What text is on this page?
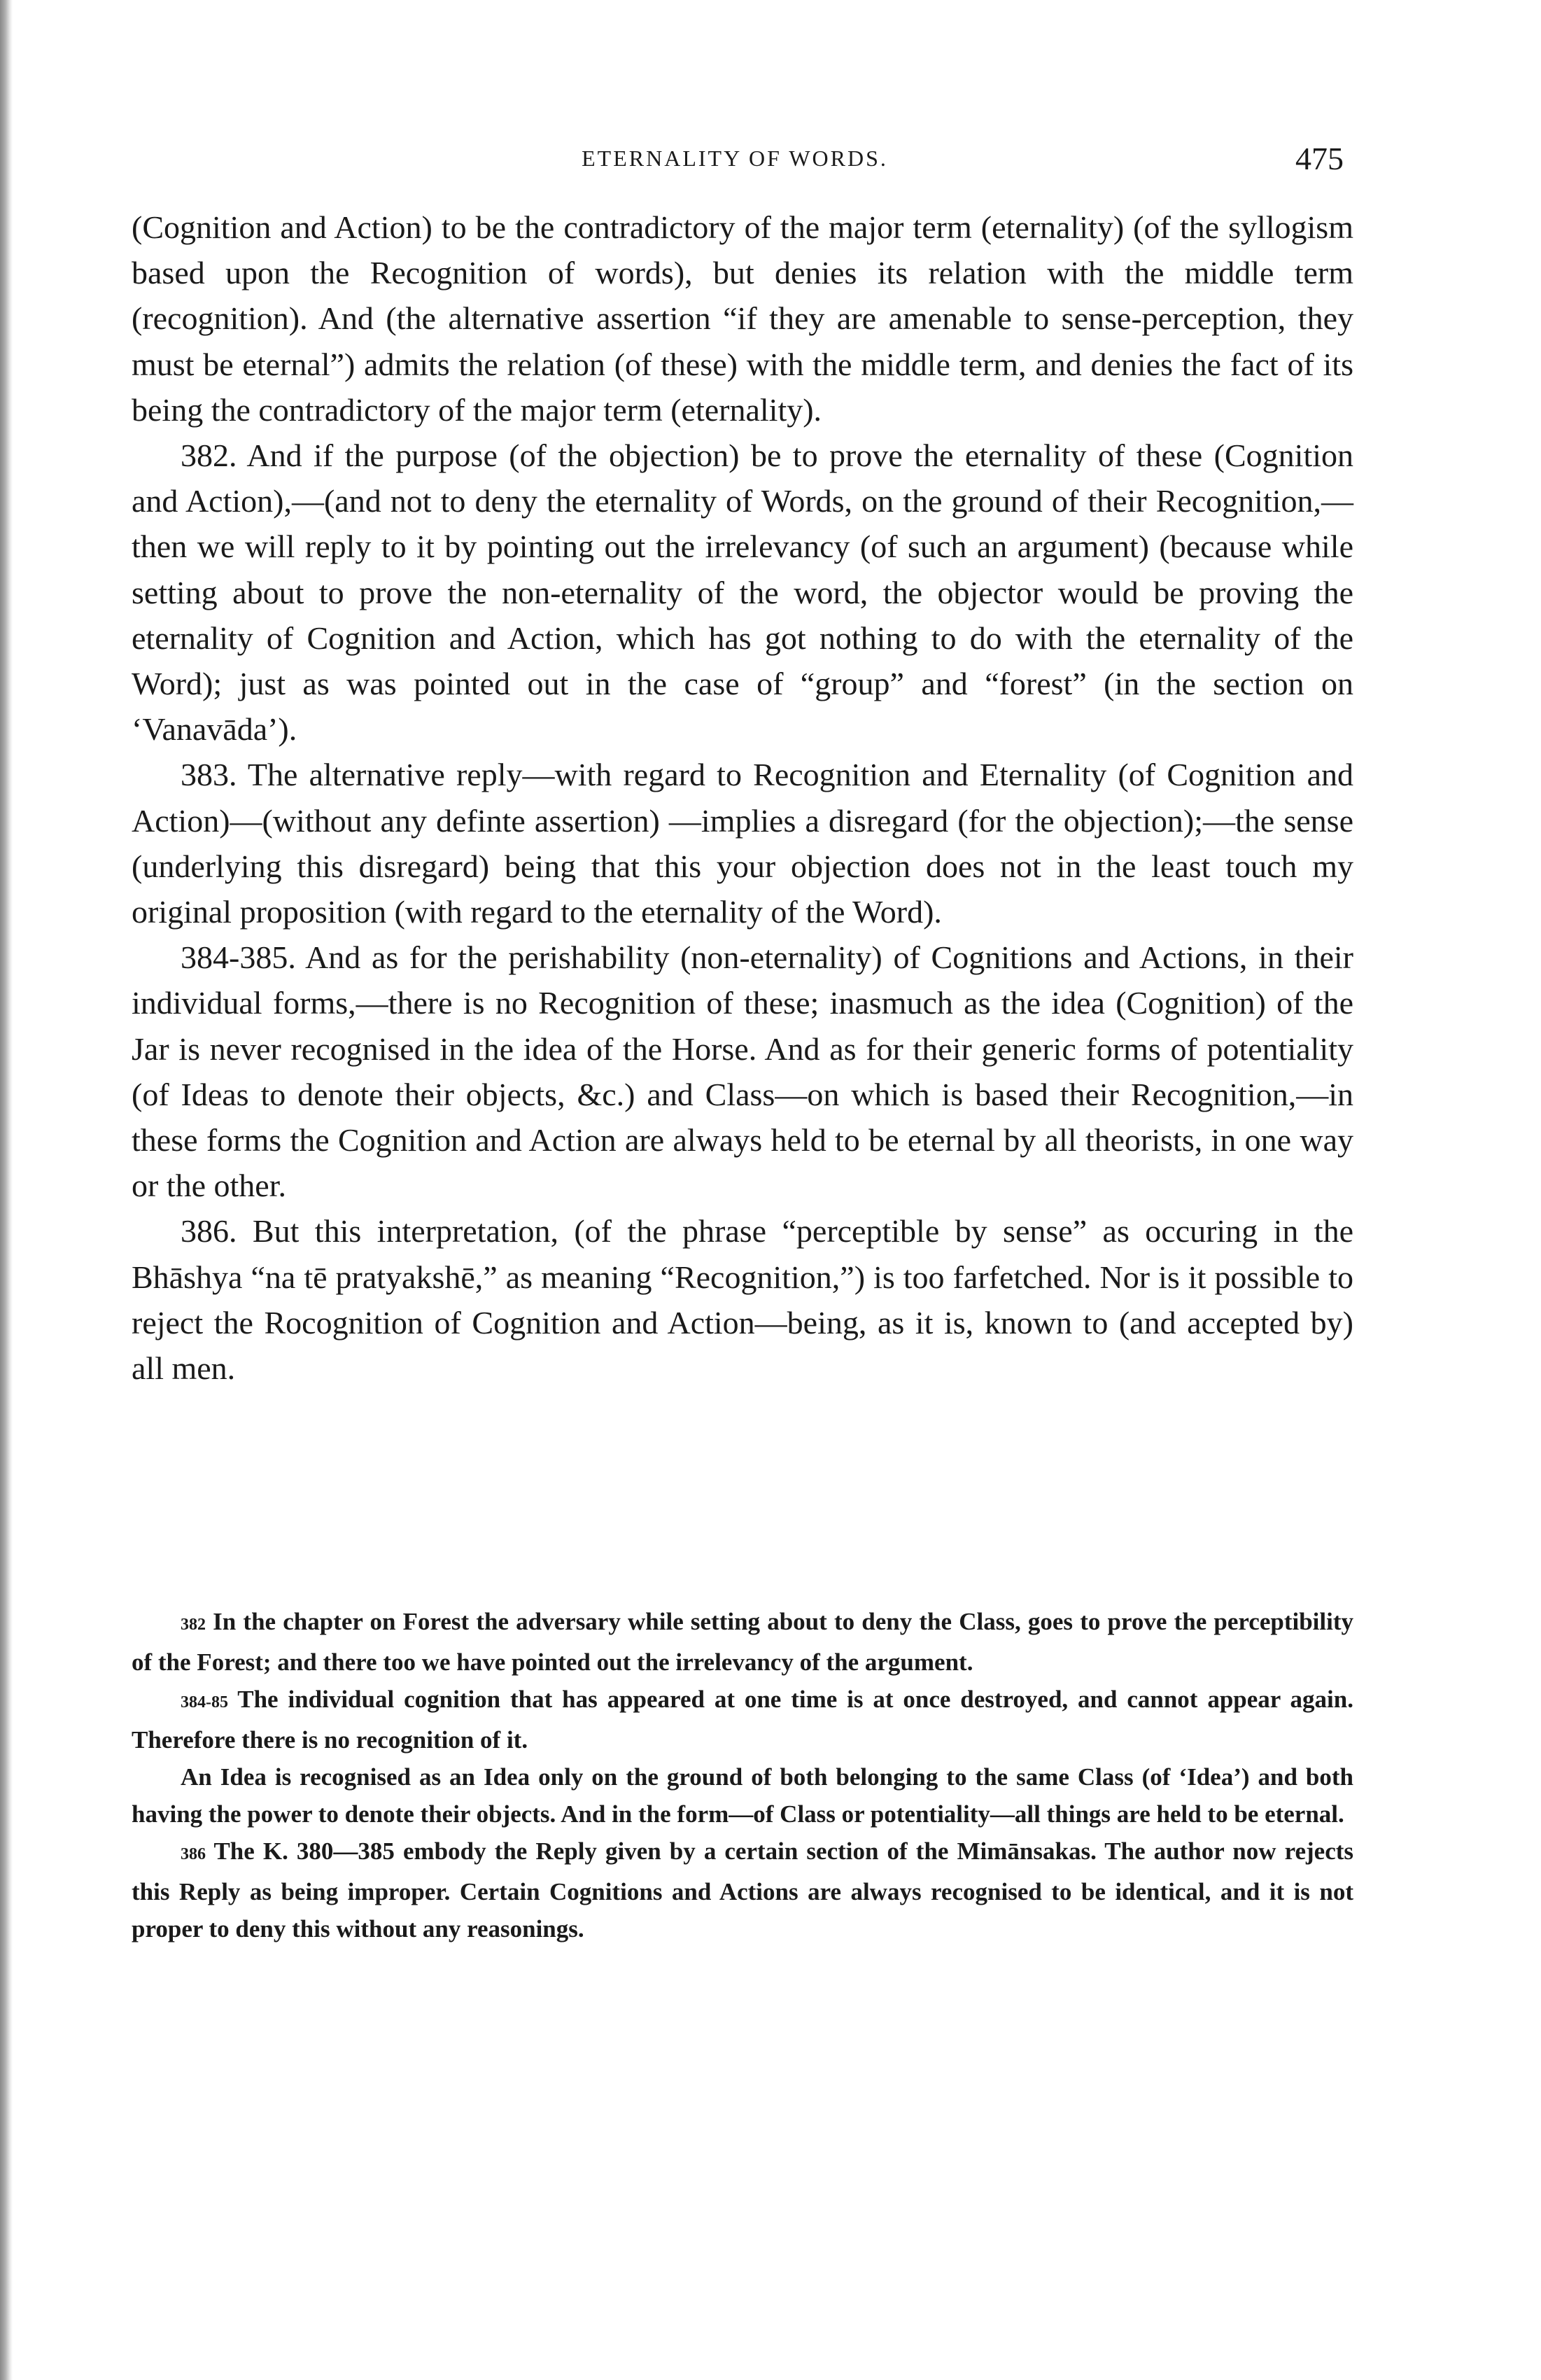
ETERNALITY OF WORDS.	475

(Cognition and Action) to be the contradictory of the major term (eternality) (of the syllogism based upon the Recognition of words), but denies its relation with the middle term (recognition). And (the alternative assertion “if they are amenable to sense-perception, they must be eternal”) admits the relation (of these) with the middle term, and denies the fact of its being the contradictory of the major term (eternality).

382. And if the purpose (of the objection) be to prove the eternality of these (Cognition and Action),—(and not to deny the eternality of Words, on the ground of their Recognition,—then we will reply to it by pointing out the irrelevancy (of such an argument) (because while setting about to prove the non-eternality of the word, the objector would be proving the eternality of Cognition and Action, which has got nothing to do with the eternality of the Word); just as was pointed out in the case of “group” and “forest” (in the section on ‘Vanavāda’).

383. The alternative reply—with regard to Recognition and Eternality (of Cognition and Action)—(without any definte assertion) —implies a disregard (for the objection);—the sense (underlying this disregard) being that this your objection does not in the least touch my original proposition (with regard to the eternality of the Word).

384-385. And as for the perishability (non-eternality) of Cognitions and Actions, in their individual forms,—there is no Recognition of these; inasmuch as the idea (Cognition) of the Jar is never recognised in the idea of the Horse. And as for their generic forms of potentiality (of Ideas to denote their objects, &c.) and Class—on which is based their Recognition,—in these forms the Cognition and Action are always held to be eternal by all theorists, in one way or the other.

386. But this interpretation, (of the phrase “perceptible by sense” as occuring in the Bhāshya “na tē pratyakshē,” as meaning “Recognition,”) is too farfetched. Nor is it possible to reject the Rocognition of Cognition and Action—being, as it is, known to (and accepted by) all men.

382 In the chapter on Forest the adversary while setting about to deny the Class, goes to prove the perceptibility of the Forest; and there too we have pointed out the irrelevancy of the argument.

384-85 The individual cognition that has appeared at one time is at once destroyed, and cannot appear again. Therefore there is no recognition of it.

An Idea is recognised as an Idea only on the ground of both belonging to the same Class (of ‘Idea’) and both having the power to denote their objects. And in the form—of Class or potentiality—all things are held to be eternal.

386 The K. 380—385 embody the Reply given by a certain section of the Mimānsakas. The author now rejects this Reply as being improper. Certain Cognitions and Actions are always recognised to be identical, and it is not proper to deny this without any reasonings.
